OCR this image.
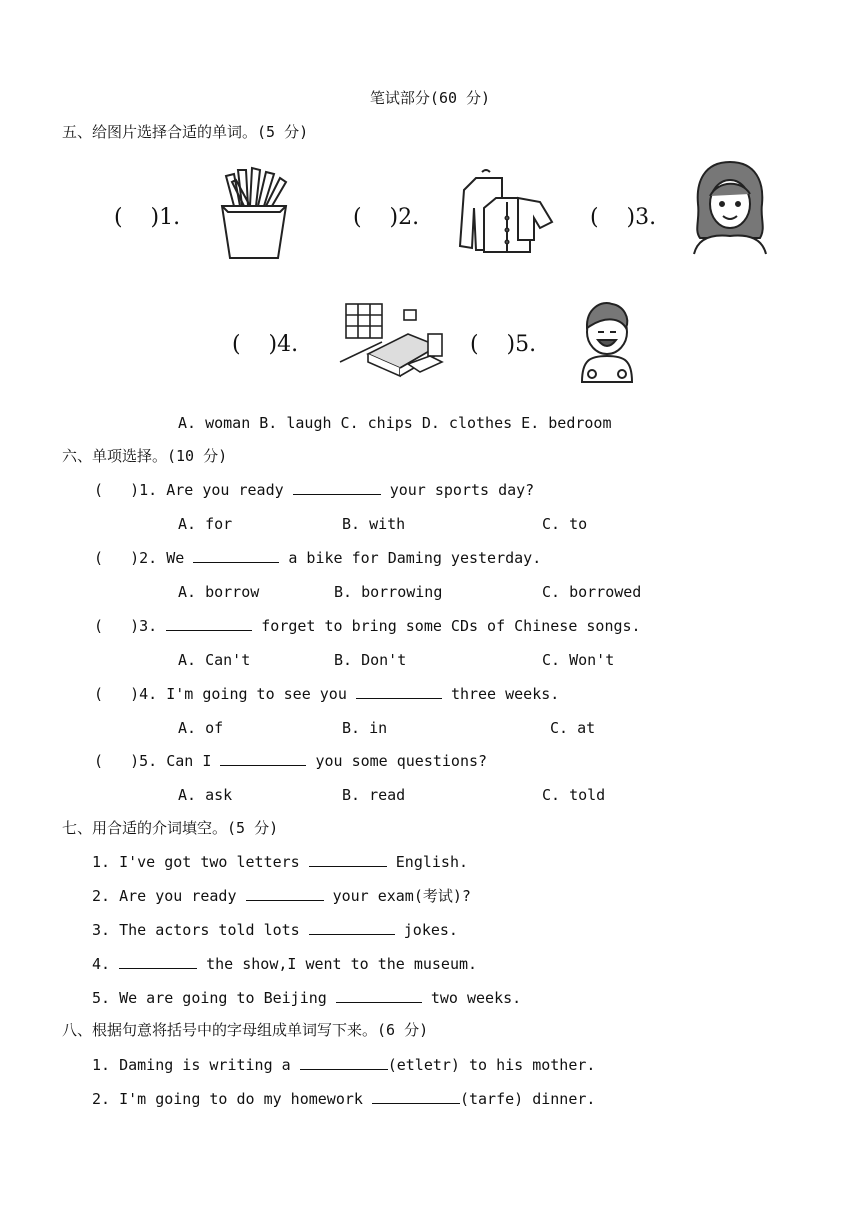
笔试部分(60 分)
五、给图片选择合适的单词。(5 分)
(    )1.	(    )2.	(    )3.
(    )4.	(    )5.
A. woman B. laugh C. chips D. clothes E. bedroom
六、单项选择。(10 分)
(   )1. Are you ready	your sports day?
A. for	B. with	C. to
(   )2. We	a bike for Daming yesterday.
A. borrow	B. borrowing	C. borrowed
(   )3.	forget to bring some CDs of Chinese songs.
A. Can't	B. Don't	C. Won't
(   )4. I'm going to see you	three weeks.
A. of	B. in	C. at
(   )5. Can I	you some questions?
A. ask	B. read	C. told
七、用合适的介词填空。(5 分)
1. I've got two letters	English.
2. Are you ready	your exam(考试)?
3. The actors told lots	jokes.
4.	the show,I went to the museum.
5. We are going to Beijing	two weeks.
八、根据句意将括号中的字母组成单词写下来。(6 分)
1. Daming is writing a	(etletr) to his mother.
2. I'm going to do my homework	(tarfe) dinner.
